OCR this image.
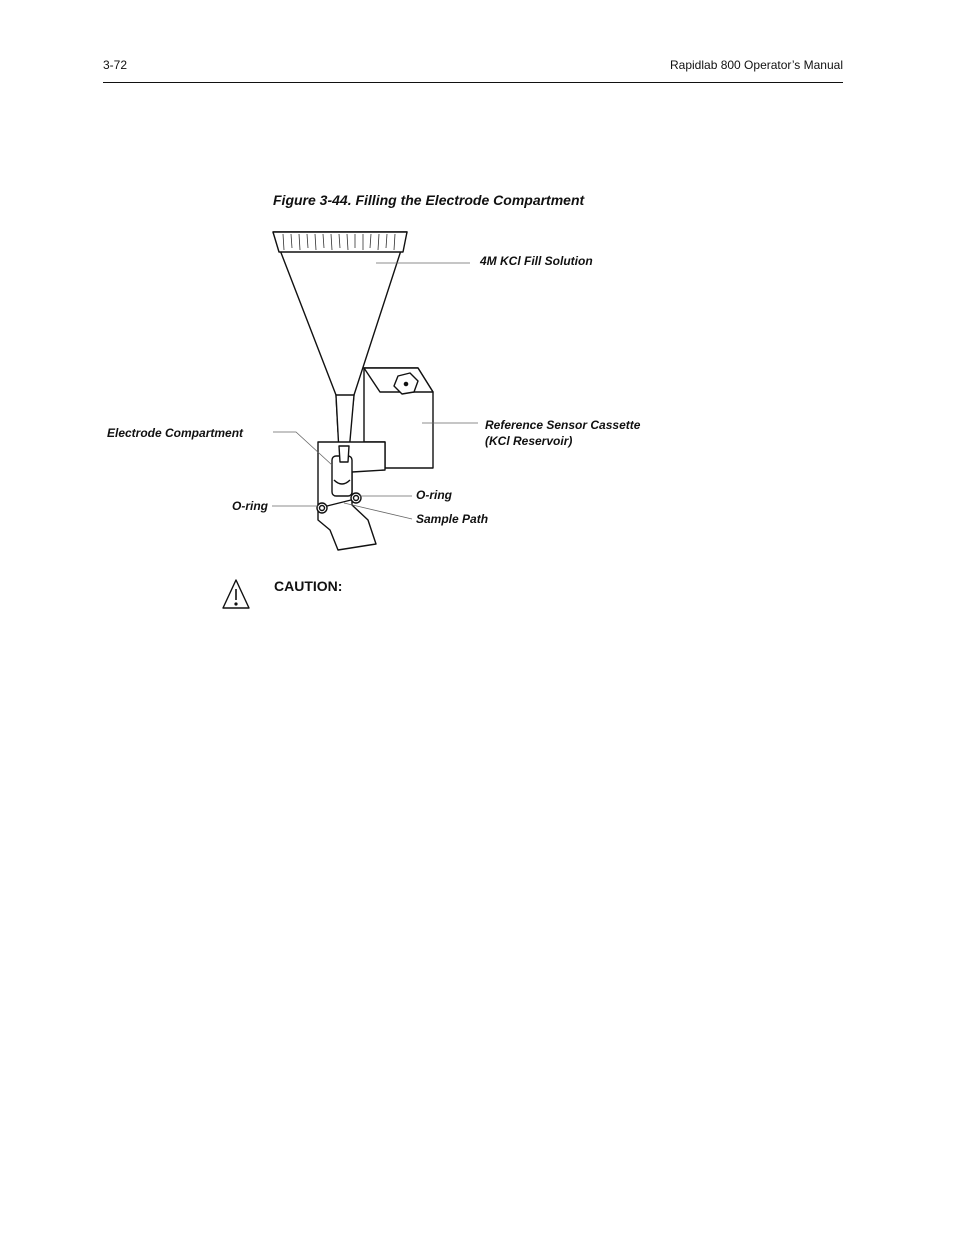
3-72	Rapidlab 800 Operator’s Manual
Figure 3-44. Filling the Electrode Compartment
4M KCl Fill Solution
Electrode Compartment
Reference Sensor Cassette
(KCl Reservoir)
O-ring
O-ring
Sample Path
CAUTION:
